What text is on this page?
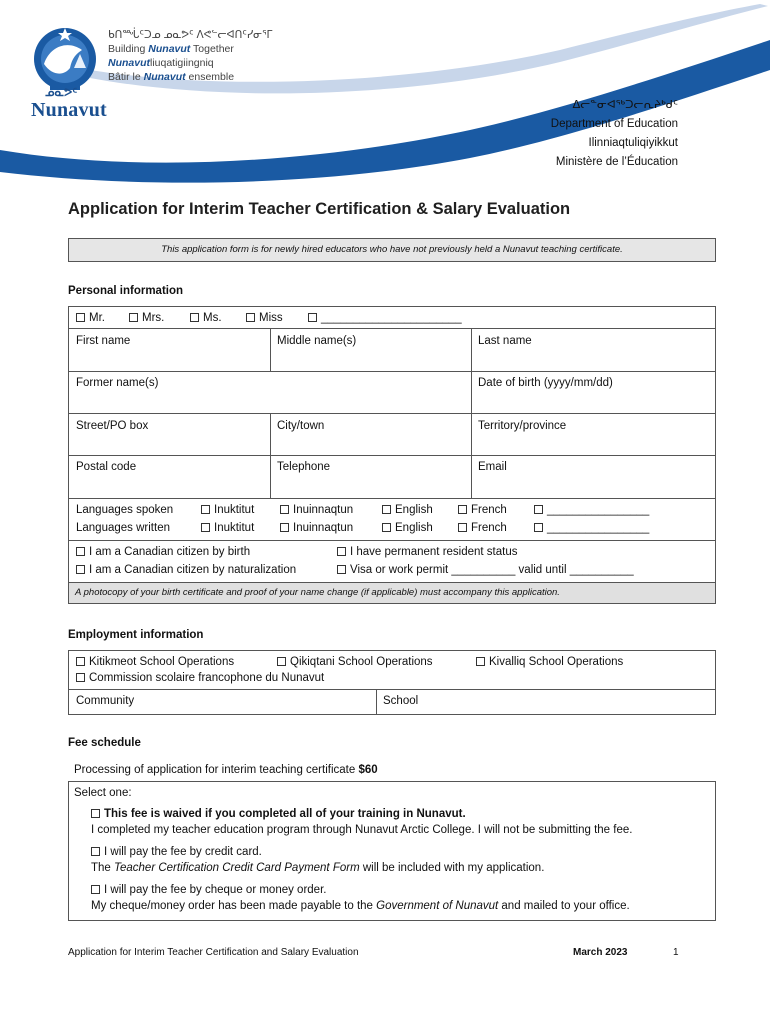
ᑲᑎᙶᑦᑐᓄ ᓄᓇᕗᑦ ᐱᕙᓪᓕᐊᑎᑦᓯᓂᕐᒥ
Building Nunavut Together
Nunavutliuqatigiingniq
Bâtir le Nunavut ensemble
ᓄᓇᕗᑦ
Nunavut	ᐃᓕᓐᓂᐊᖅᑐᓕᕆᔨᒃᑯᑦ
Department of Education
Ilinniaqtuliqiyikkut
Ministère de l’Éducation
Application for Interim Teacher Certification & Salary Evaluation
This application form is for newly hired educators who have not previously held a Nunavut teaching certificate.
Personal information
Mr.	Mrs.	Ms.	Miss	______________________
First name	Middle name(s)	Last name
Former name(s)	Date of birth (yyyy/mm/dd)
Street/PO box	City/town	Territory/province
Postal code	Telephone	Email
Languages spoken	Inuktitut	Inuinnaqtun	English	French	________________
Languages written	Inuktitut	Inuinnaqtun	English	French	________________
I am a Canadian citizen by birth	I have permanent resident status
I am a Canadian citizen by naturalization	Visa or work permit __________ valid until __________
A photocopy of your birth certificate and proof of your name change (if applicable) must accompany this application.
Employment information
Kitikmeot School Operations	Qikiqtani School Operations	Kivalliq School Operations
Commission scolaire francophone du Nunavut
Community	School
Fee schedule
Processing of application for interim teaching certificate $60
Select one:
This fee is waived if you completed all of your training in Nunavut.
I completed my teacher education program through Nunavut Arctic College. I will not be submitting the fee.
I will pay the fee by credit card.
The Teacher Certification Credit Card Payment Form will be included with my application.
I will pay the fee by cheque or money order.
My cheque/money order has been made payable to the Government of Nunavut and mailed to your office.
Application for Interim Teacher Certification and Salary Evaluation	March 2023	1
